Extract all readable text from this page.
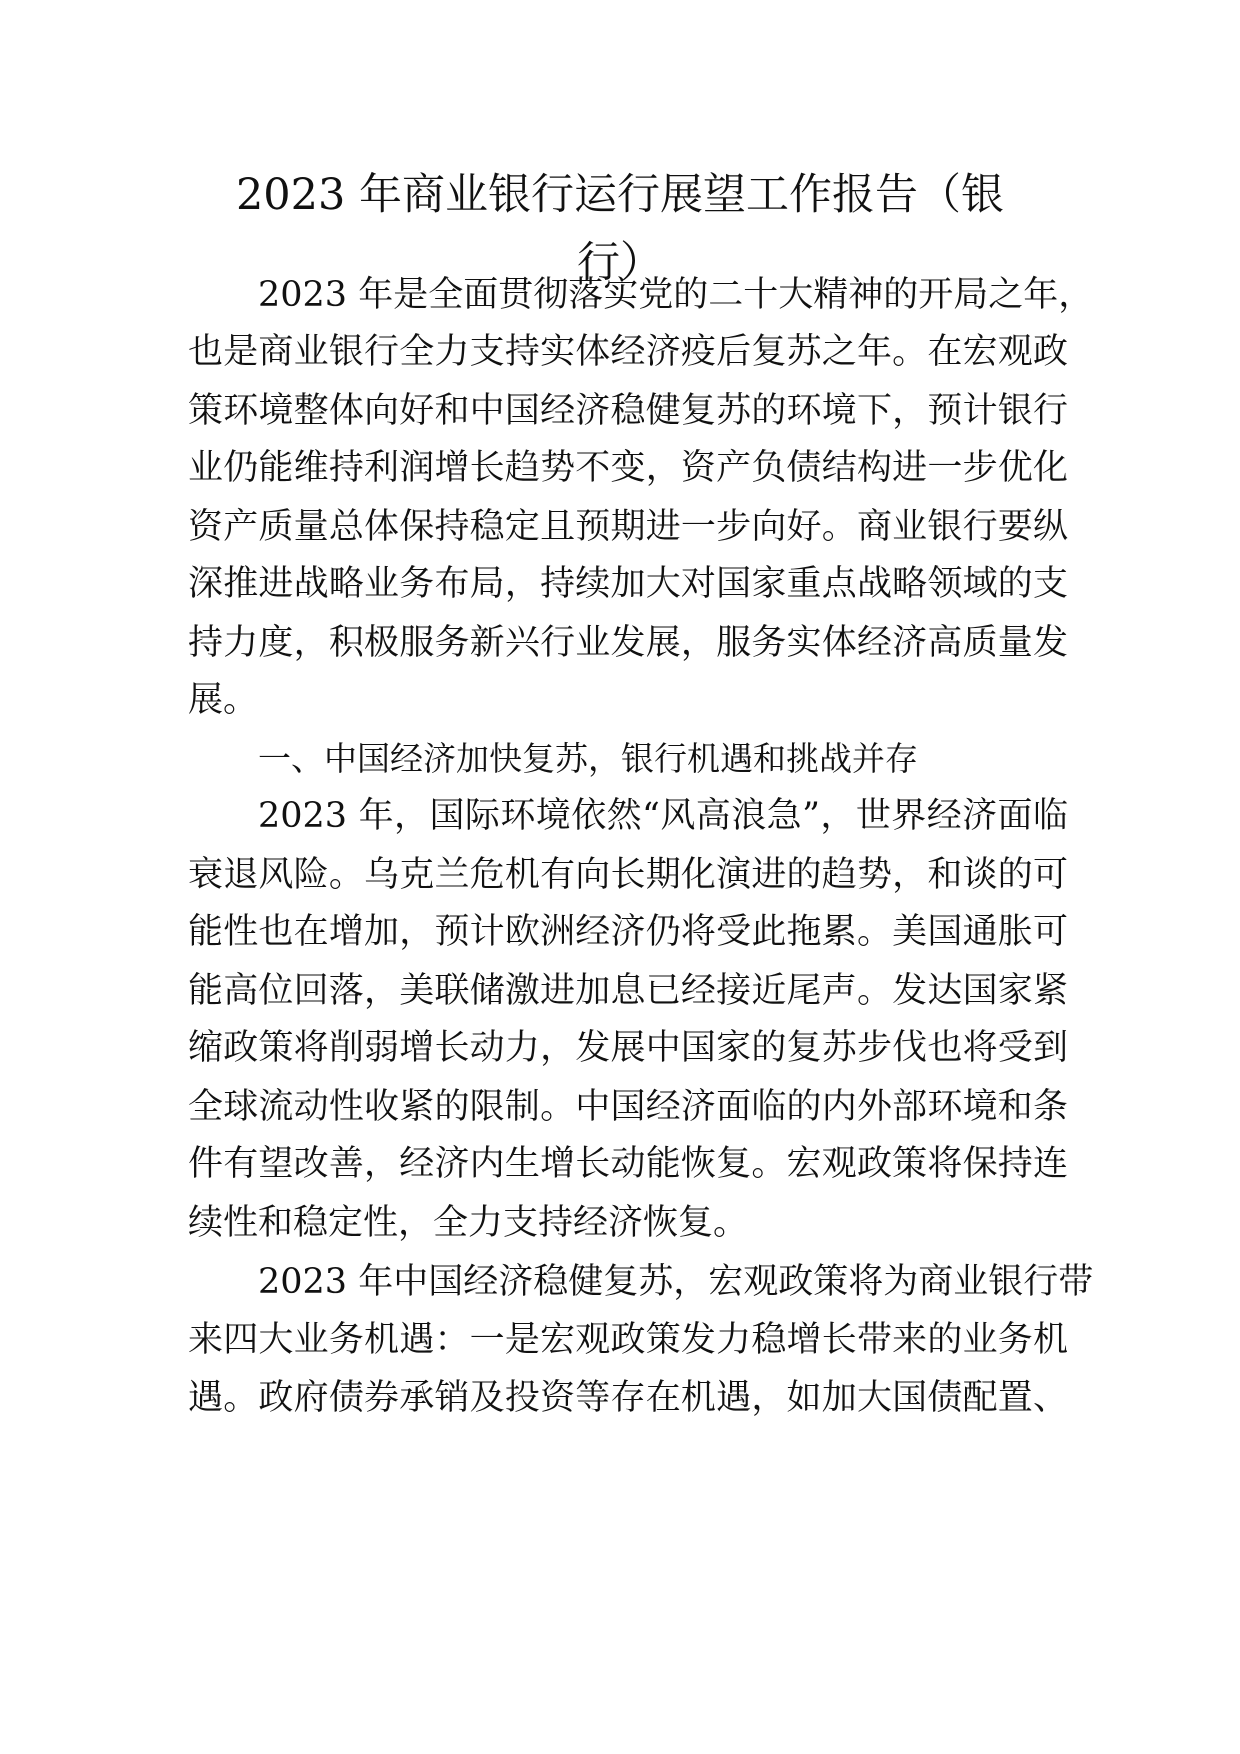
2023 年商业银行运行展望工作报告（银
行）

2023 年是全面贯彻落实党的二十大精神的开局之年，

也是商业银行全力支持实体经济疫后复苏之年。在宏观政

策环境整体向好和中国经济稳健复苏的环境下，预计银行

业仍能维持利润增长趋势不变，资产负债结构进一步优化

资产质量总体保持稳定且预期进一步向好。商业银行要纵

深推进战略业务布局，持续加大对国家重点战略领域的支

持力度，积极服务新兴行业发展，服务实体经济高质量发

展。

一、中国经济加快复苏，银行机遇和挑战并存

2023 年，国际环境依然“风高浪急”，世界经济面临

衰退风险。乌克兰危机有向长期化演进的趋势，和谈的可

能性也在增加，预计欧洲经济仍将受此拖累。美国通胀可

能高位回落，美联储激进加息已经接近尾声。发达国家紧

缩政策将削弱增长动力，发展中国家的复苏步伐也将受到

全球流动性收紧的限制。中国经济面临的内外部环境和条

件有望改善，经济内生增长动能恢复。宏观政策将保持连

续性和稳定性，全力支持经济恢复。

2023 年中国经济稳健复苏，宏观政策将为商业银行带

来四大业务机遇：一是宏观政策发力稳增长带来的业务机

遇。政府债券承销及投资等存在机遇，如加大国债配置、
